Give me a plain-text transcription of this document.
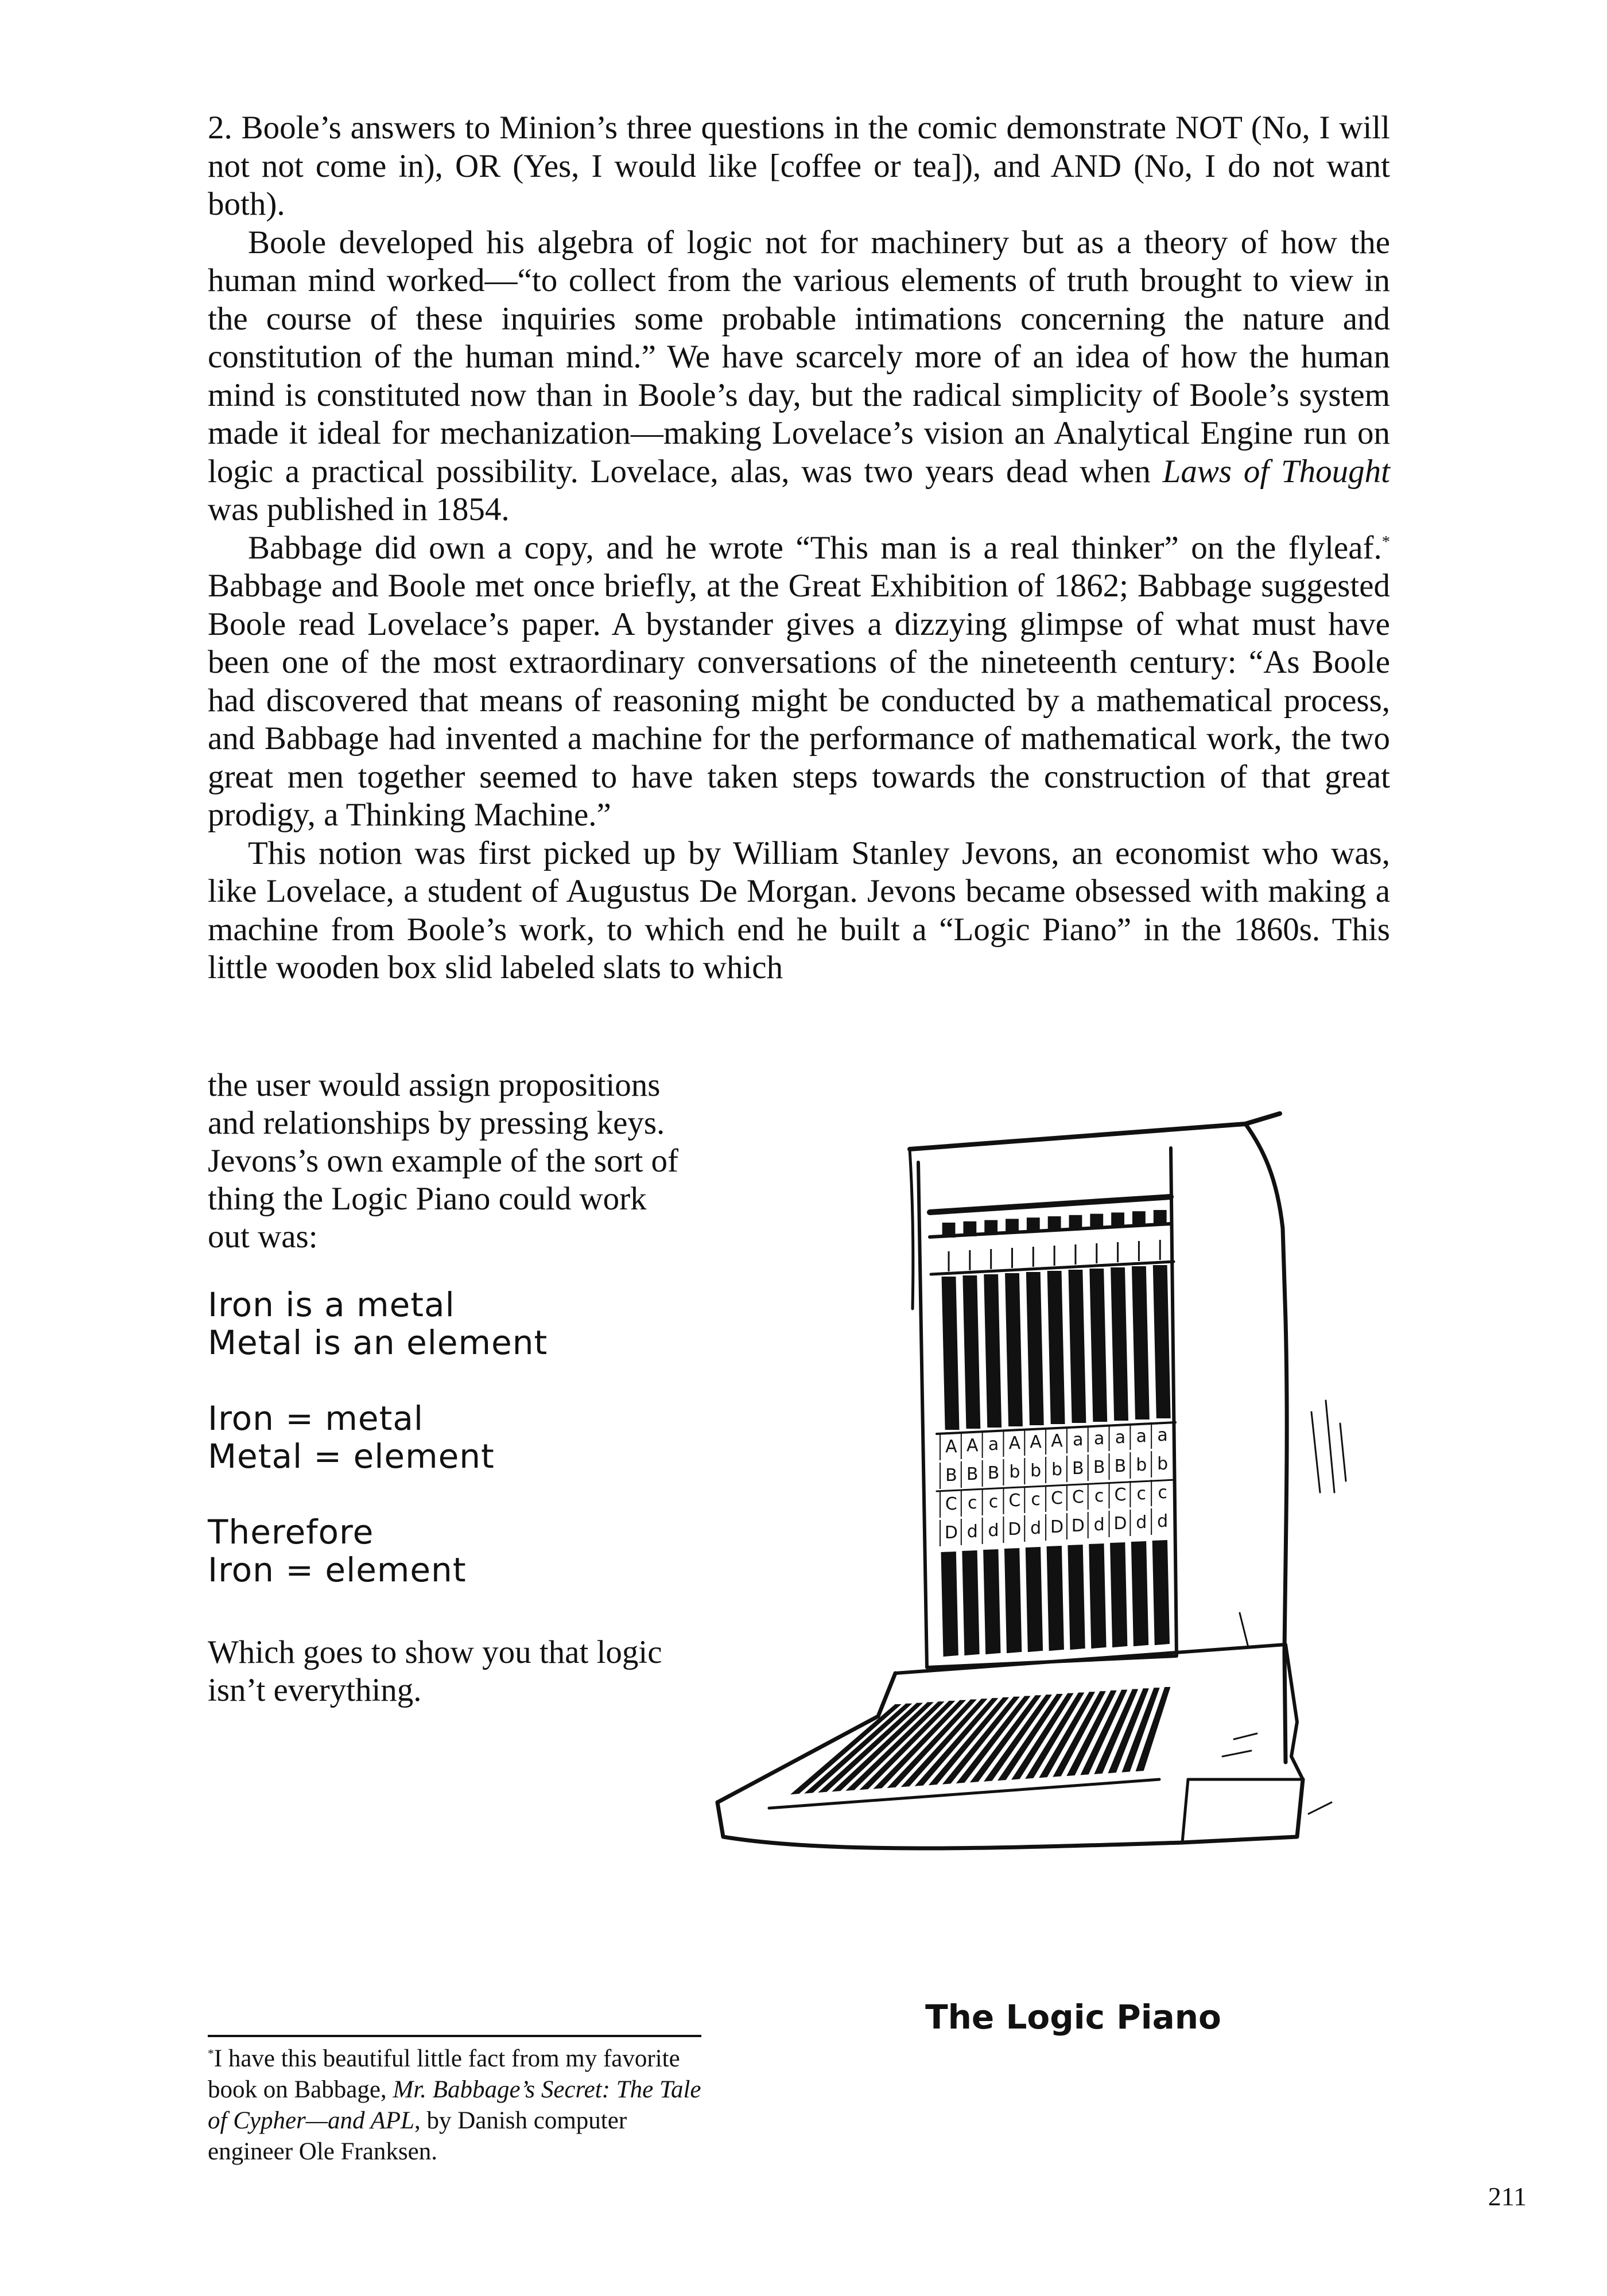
2. Boole’s answers to Minion’s three questions in the comic demonstrate NOT (No, I will not not come in), OR (Yes, I would like [coffee or tea]), and AND (No, I do not want both).

Boole developed his algebra of logic not for machinery but as a theory of how the human mind worked—“to collect from the various elements of truth brought to view in the course of these inquiries some probable intimations concerning the nature and constitution of the human mind.” We have scarcely more of an idea of how the human mind is constituted now than in Boole’s day, but the radical simplicity of Boole’s system made it ideal for mechanization—making Lovelace’s vision an Analytical Engine run on logic a practical possibility. Lovelace, alas, was two years dead when Laws of Thought was published in 1854.

Babbage did own a copy, and he wrote “This man is a real thinker” on the flyleaf.* Babbage and Boole met once briefly, at the Great Exhibition of 1862; Babbage suggested Boole read Lovelace’s paper. A bystander gives a dizzying glimpse of what must have been one of the most extraordinary conversations of the nineteenth century: “As Boole had discovered that means of reasoning might be conducted by a mathematical process, and Babbage had invented a machine for the performance of mathematical work, the two great men together seemed to have taken steps towards the construction of that great prodigy, a Thinking Machine.”

This notion was first picked up by William Stanley Jevons, an economist who was, like Lovelace, a student of Augustus De Morgan. Jevons became obsessed with making a machine from Boole’s work, to which end he built a “Logic Piano” in the 1860s. This little wooden box slid labeled slats to which

the user would assign propositions and relationships by pressing keys. Jevons’s own example of the sort of thing the Logic Piano could work out was:

Iron is a metal
Metal is an element
Iron = metal
Metal = element
Therefore
Iron = element

Which goes to show you that logic isn’t everything.

A A a A A A a a a a a
B B B b b b B B B b b
C c c C c C C c C c c
D d d D d D D d D d d
The Logic Piano

*I have this beautiful little fact from my favorite book on Babbage, Mr. Babbage’s Secret: The Tale of Cypher—and APL, by Danish computer engineer Ole Franksen.

211
